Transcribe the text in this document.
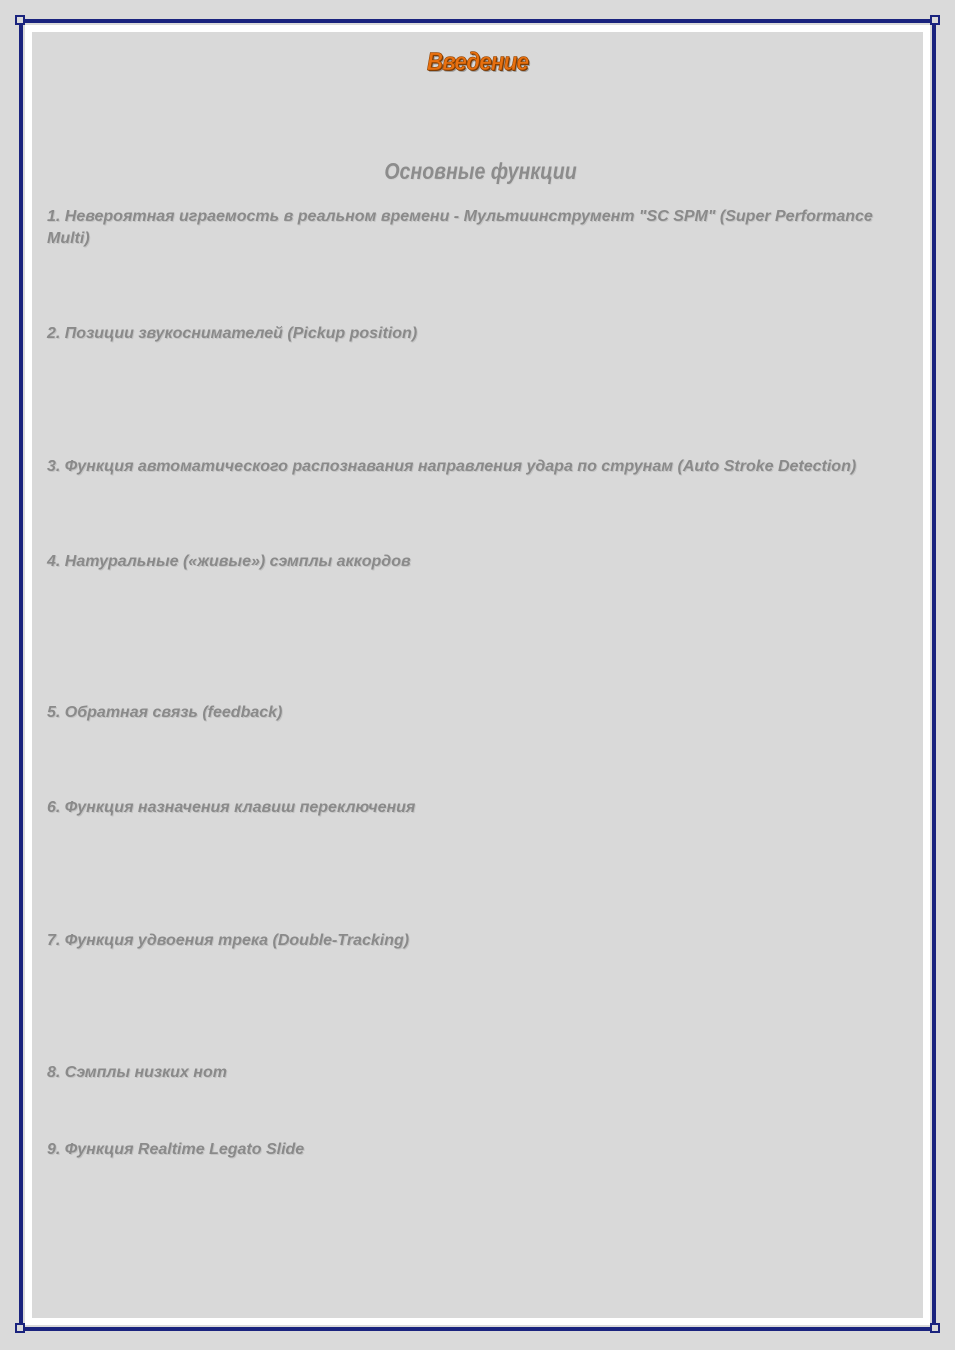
Введение
Основные функции
1. Невероятная играемость в реальном времени - Мультиинструмент "SC SPM" (Super Performance Multi)
2. Позиции звукоснимателей (Pickup position)
3. Функция автоматического распознавания направления удара по струнам (Auto Stroke Detection)
4. Натуральные («живые») сэмплы аккордов
5. Обратная связь (feedback)
6. Функция назначения клавиш переключения
7. Функция удвоения трека (Double-Tracking)
8. Сэмплы низких нот
9. Функция Realtime Legato Slide
